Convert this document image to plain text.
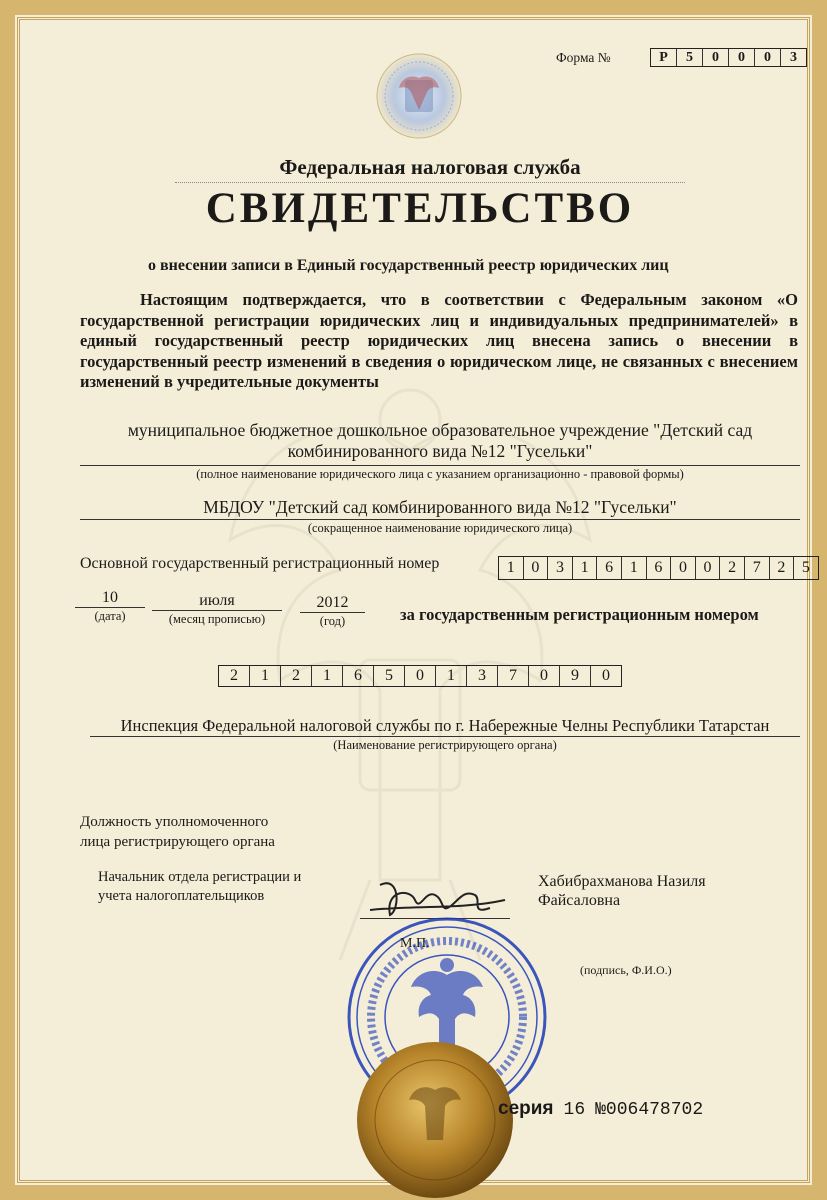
Форма №	Р	5	0	0	0	3
Федеральная налоговая служба
СВИДЕТЕЛЬСТВО
о внесении записи в Единый государственный реестр юридических лиц
Настоящим подтверждается, что в соответствии с Федеральным законом «О государственной регистрации юридических лиц и индивидуальных предпринимателей» в единый государственный реестр юридических лиц внесена запись о внесении в государственный реестр изменений в сведения о юридическом лице, не связанных с внесением изменений в учредительные документы
муниципальное бюджетное дошкольное образовательное учреждение "Детский сад
комбинированного вида №12 "Гусельки"
(полное наименование юридического лица с указанием организационно - правовой формы)
МБДОУ "Детский сад комбинированного вида №12 "Гусельки"
(сокращенное наименование юридического лица)
Основной государственный регистрационный номер	1	0	3	1	6	1	6	0	0	2	7	2	5
10
(дата)
июля
(месяц прописью)
2012
(год)	за государственным регистрационным номером
2	1	2	1	6	5	0	1	3	7	0	9	0
Инспекция Федеральной налоговой службы по г. Набережные Челны Республики Татарстан
(Наименование регистрирующего органа)
Должность уполномоченного
лица регистрирующего органа
Начальник отдела регистрации и
учета налогоплательщиков
Хабибрахманова Назиля
Файсаловна
М.П.
(подпись, Ф.И.О.)
серия 16 №006478702
